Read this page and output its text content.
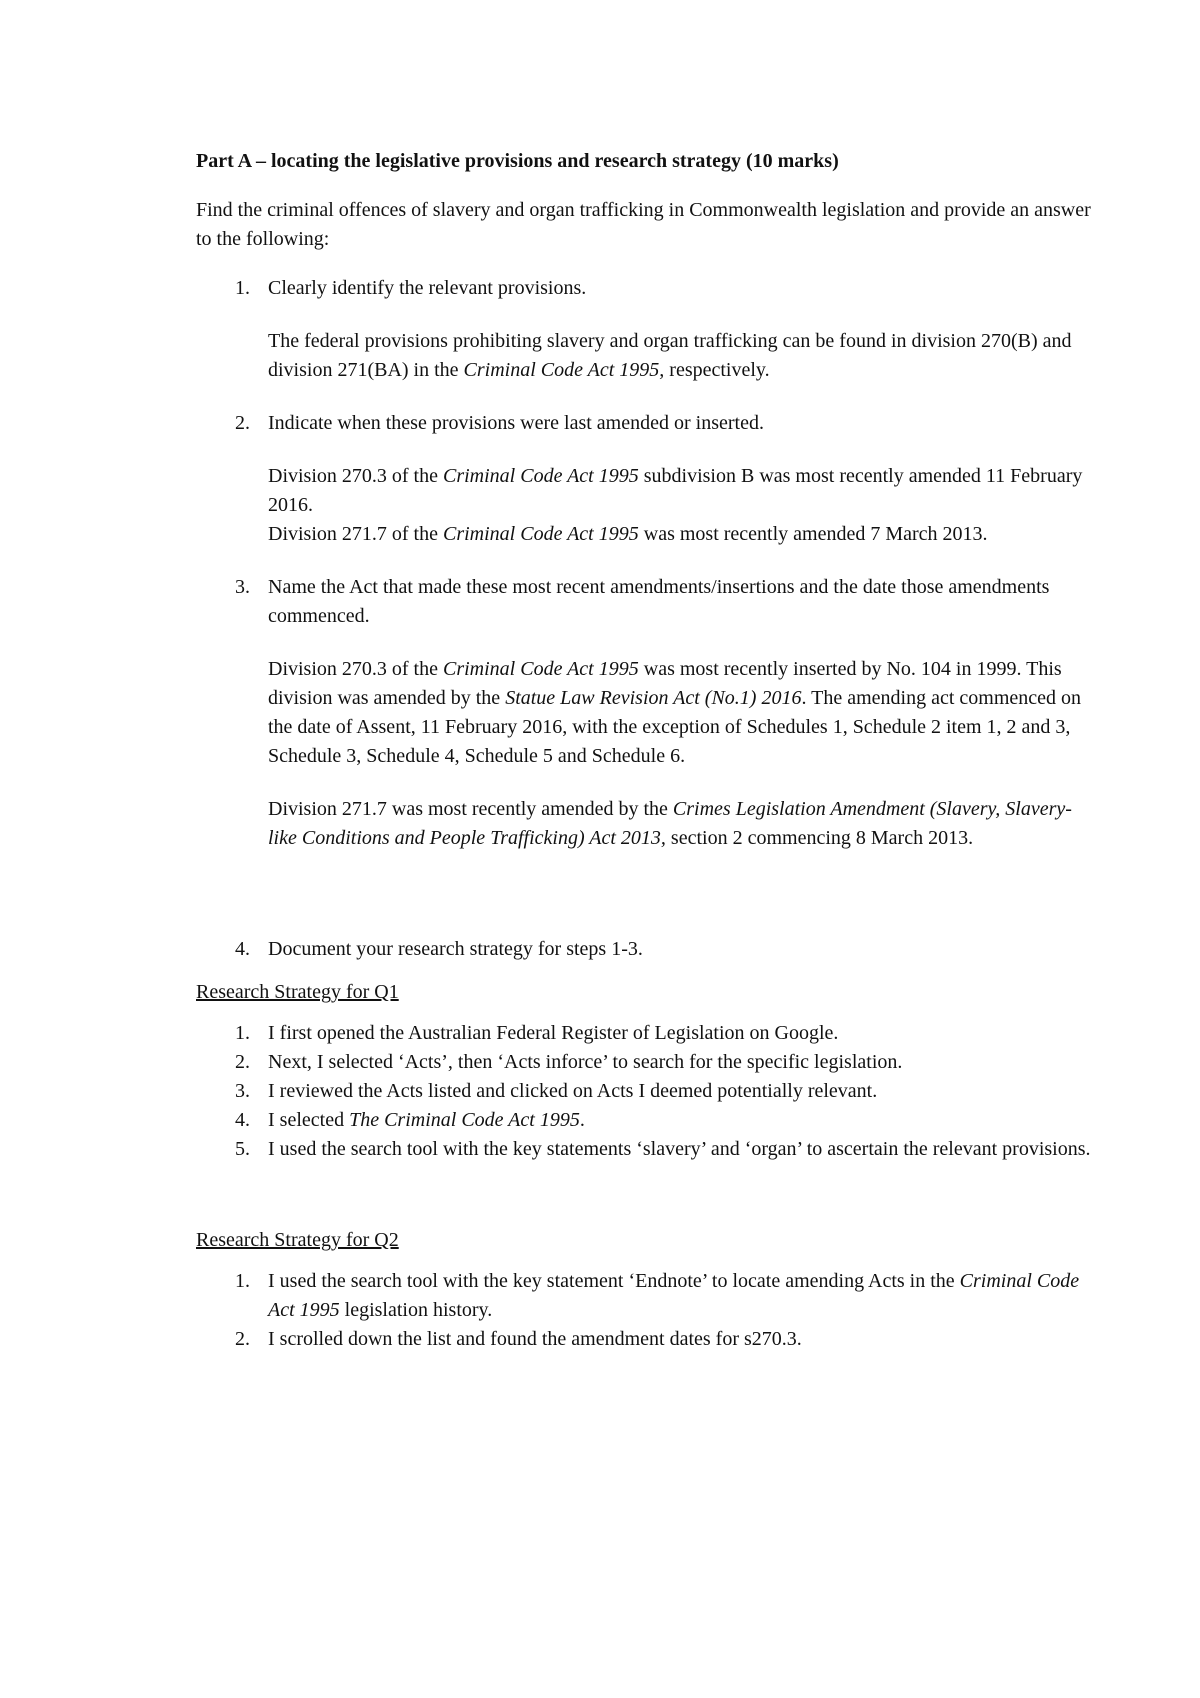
Part A – locating the legislative provisions and research strategy (10 marks)

Find the criminal offences of slavery and organ trafficking in Commonwealth legislation and provide an answer to the following:

1. Clearly identify the relevant provisions.

The federal provisions prohibiting slavery and organ trafficking can be found in division 270(B) and division 271(BA) in the Criminal Code Act 1995, respectively.

2. Indicate when these provisions were last amended or inserted.
Division 270.3 of the Criminal Code Act 1995 subdivision B was most recently amended 11 February 2016.
Division 271.7 of the Criminal Code Act 1995 was most recently amended 7 March 2013.
3. Name the Act that made these most recent amendments/insertions and the date those amendments commenced.

Division 270.3 of the Criminal Code Act 1995 was most recently inserted by No. 104 in 1999. This division was amended by the Statue Law Revision Act (No.1) 2016. The amending act commenced on the date of Assent, 11 February 2016, with the exception of Schedules 1, Schedule 2 item 1, 2 and 3, Schedule 3, Schedule 4, Schedule 5 and Schedule 6.

Division 271.7 was most recently amended by the Crimes Legislation Amendment (Slavery, Slavery-like Conditions and People Trafficking) Act 2013, section 2 commencing 8 March 2013.

4. Document your research strategy for steps 1-3.

Research Strategy for Q1

1. I first opened the Australian Federal Register of Legislation on Google.
2. Next, I selected ‘Acts’, then ‘Acts inforce’ to search for the specific legislation.
3. I reviewed the Acts listed and clicked on Acts I deemed potentially relevant.
4. I selected The Criminal Code Act 1995.
5. I used the search tool with the key statements ‘slavery’ and ‘organ’ to ascertain the relevant provisions.

Research Strategy for Q2

1. I used the search tool with the key statement ‘Endnote’ to locate amending Acts in the Criminal Code Act 1995 legislation history.
2. I scrolled down the list and found the amendment dates for s270.3.
